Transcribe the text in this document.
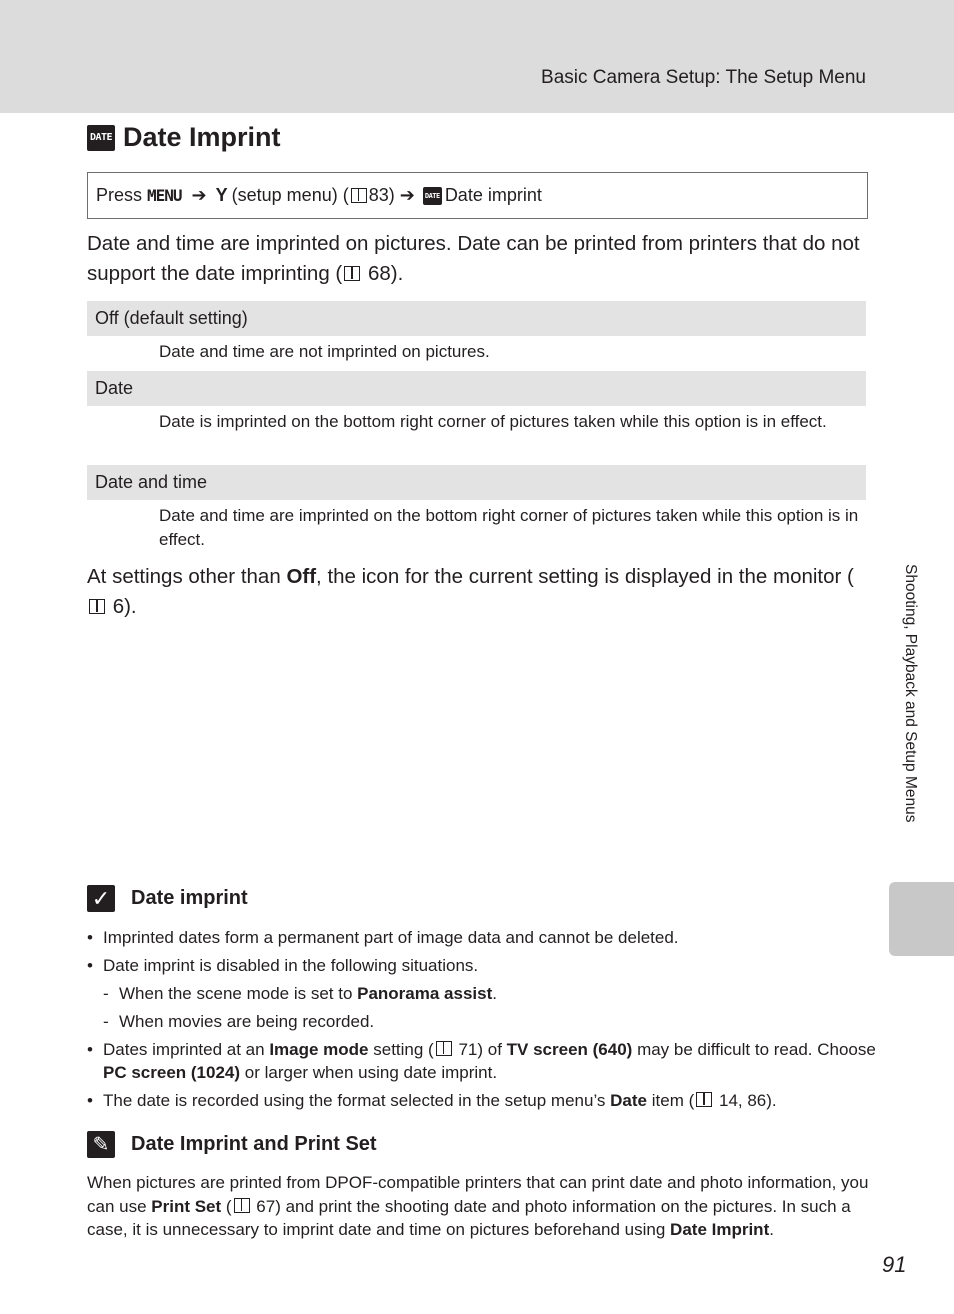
Basic Camera Setup: The Setup Menu
DATE Date Imprint
Press MENU ➔ Y (setup menu) ( 83) ➔ DATE Date imprint
Date and time are imprinted on pictures. Date can be printed from printers that do not support the date imprinting ( 68).
Off (default setting)
Date and time are not imprinted on pictures.
Date
Date is imprinted on the bottom right corner of pictures taken while this option is in effect.
Date and time
Date and time are imprinted on the bottom right corner of pictures taken while this option is in effect.
At settings other than Off, the icon for the current setting is displayed in the monitor ( 6).	Shooting, Playback and Setup Menus
✓ Date imprint
• Imprinted dates form a permanent part of image data and cannot be deleted.
• Date imprint is disabled in the following situations.
- When the scene mode is set to Panorama assist.
- When movies are being recorded.
• Dates imprinted at an Image mode setting ( 71) of TV screen (640) may be difficult to read. Choose PC screen (1024) or larger when using date imprint.
• The date is recorded using the format selected in the setup menu’s Date item ( 14, 86).
✎ Date Imprint and Print Set
When pictures are printed from DPOF-compatible printers that can print date and photo information, you can use Print Set ( 67) and print the shooting date and photo information on the pictures. In such a case, it is unnecessary to imprint date and time on pictures beforehand using Date Imprint.
91
